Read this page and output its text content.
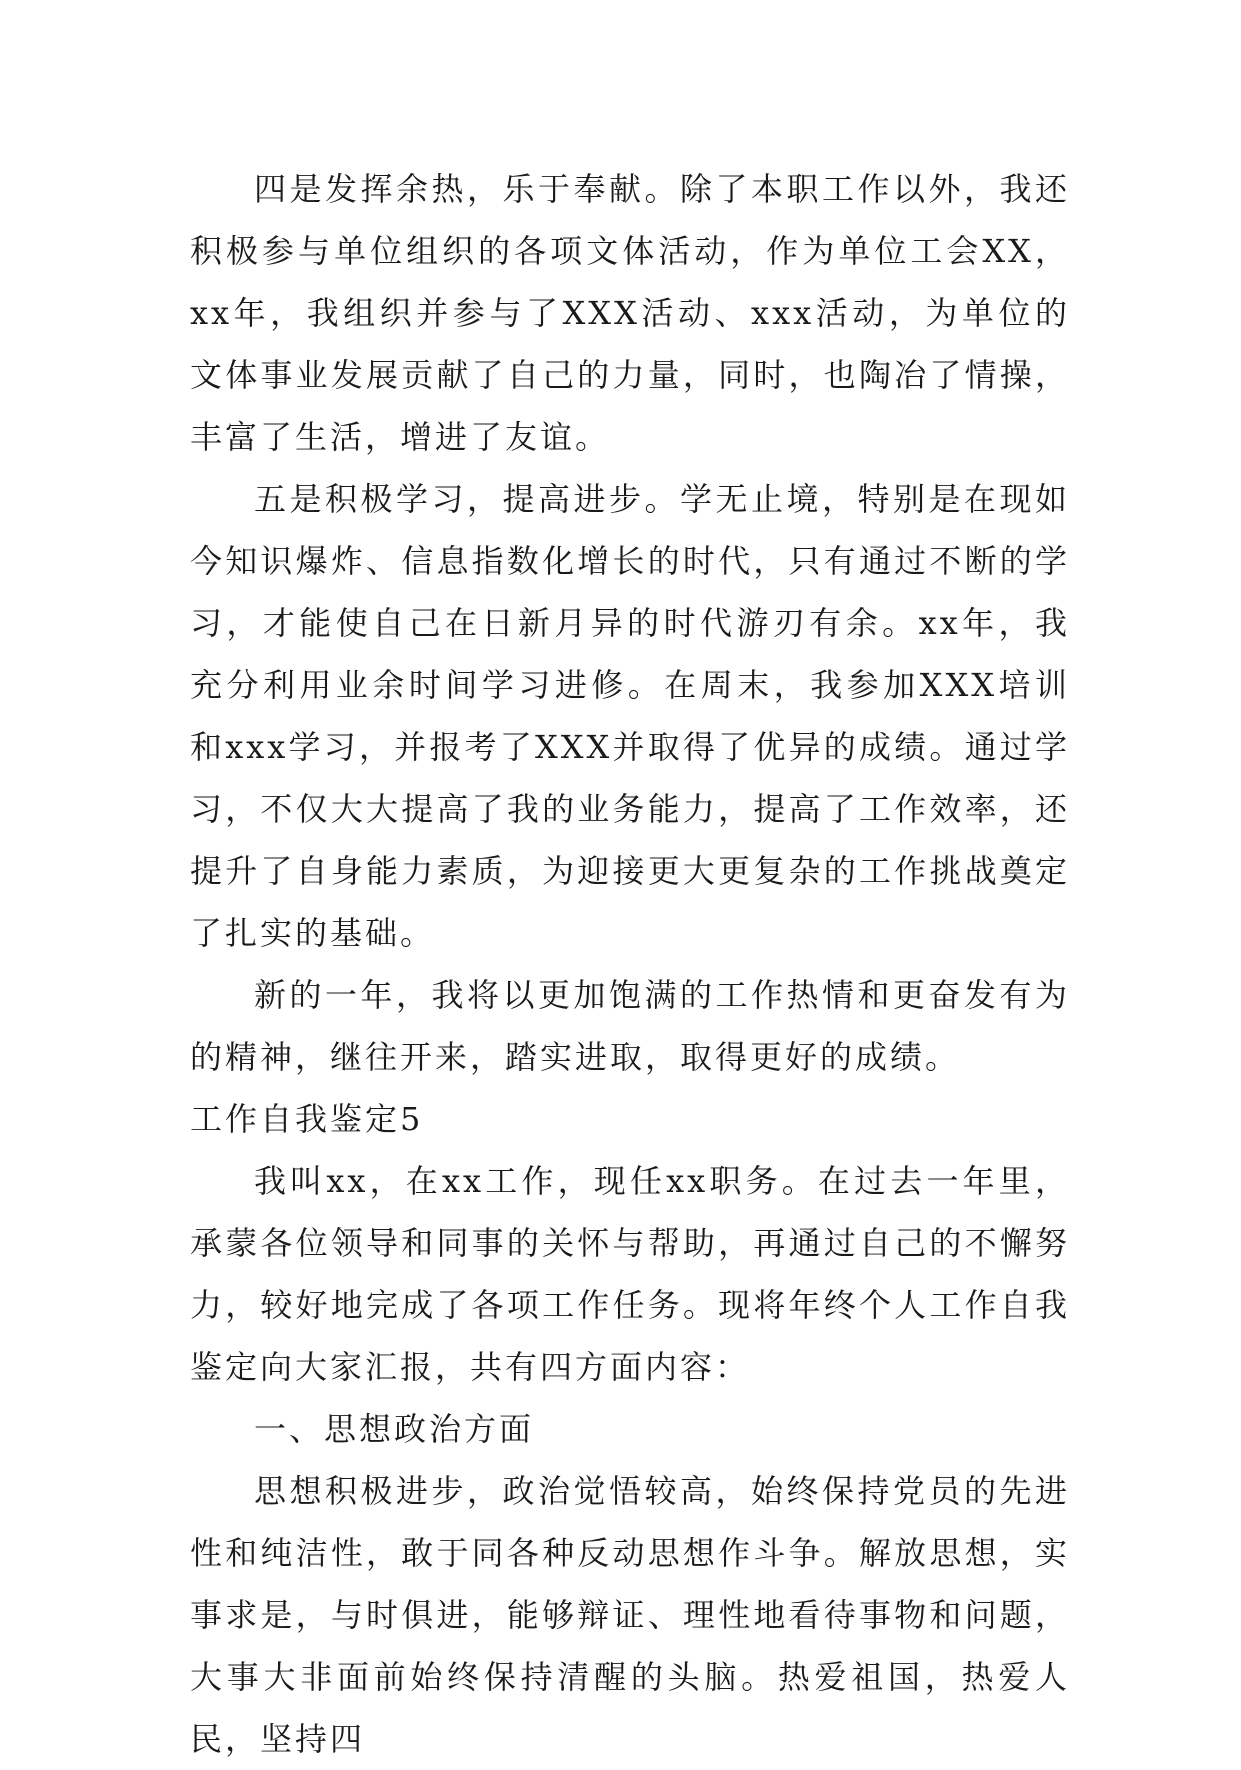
四是发挥余热，乐于奉献。除了本职工作以外，我还积极参与单位组织的各项文体活动，作为单位工会XX，xx年，我组织并参与了XXX活动、xxx活动，为单位的文体事业发展贡献了自己的力量，同时，也陶冶了情操，丰富了生活，增进了友谊。

五是积极学习，提高进步。学无止境，特别是在现如今知识爆炸、信息指数化增长的时代，只有通过不断的学习，才能使自己在日新月异的时代游刃有余。xx年，我充分利用业余时间学习进修。在周末，我参加XXX培训和xxx学习，并报考了XXX并取得了优异的成绩。通过学习，不仅大大提高了我的业务能力，提高了工作效率，还提升了自身能力素质，为迎接更大更复杂的工作挑战奠定了扎实的基础。

新的一年，我将以更加饱满的工作热情和更奋发有为的精神，继往开来，踏实进取，取得更好的成绩。

工作自我鉴定5

我叫xx，在xx工作，现任xx职务。在过去一年里，承蒙各位领导和同事的关怀与帮助，再通过自己的不懈努力，较好地完成了各项工作任务。现将年终个人工作自我鉴定向大家汇报，共有四方面内容：

一、思想政治方面

思想积极进步，政治觉悟较高，始终保持党员的先进性和纯洁性，敢于同各种反动思想作斗争。解放思想，实事求是，与时俱进，能够辩证、理性地看待事物和问题，大事大非面前始终保持清醒的头脑。热爱祖国，热爱人民，坚持四
